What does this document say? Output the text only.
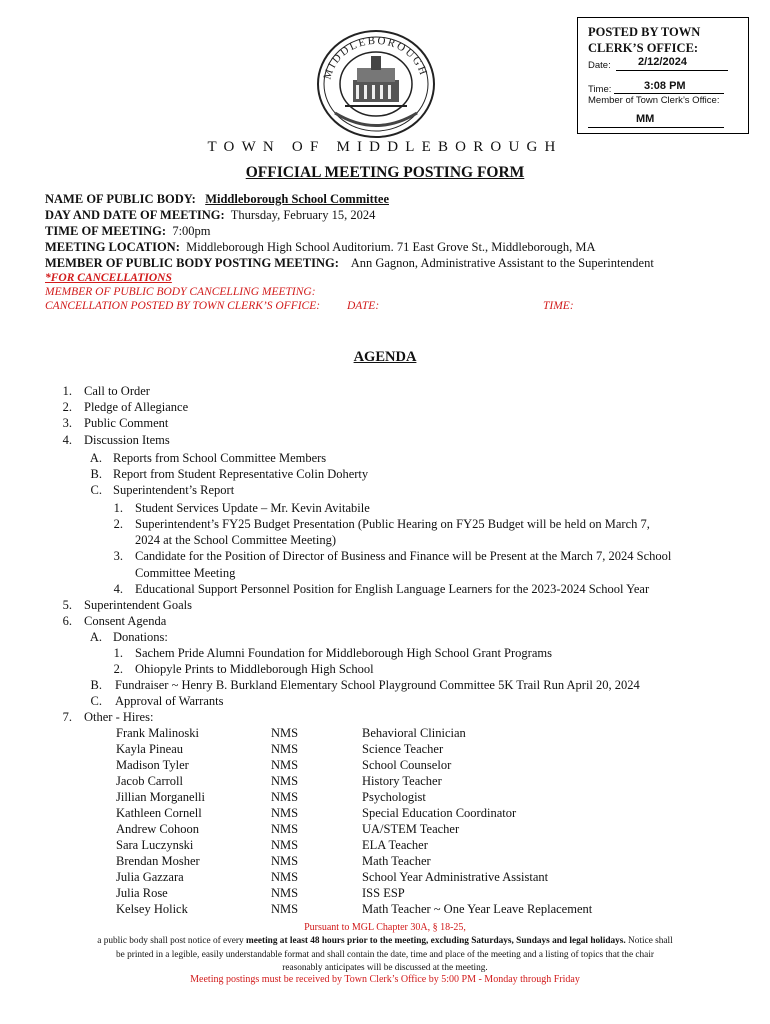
MIDDLEBOROUGH
POSTED BY TOWN
CLERK’S OFFICE:
Date: 2/12/2024
Time:	3:08 PM
Member of Town Clerk’s Office:
MM
TOWN OF MIDDLEBOROUGH
OFFICIAL MEETING POSTING FORM
NAME OF PUBLIC BODY: Middleborough School Committee
DAY AND DATE OF MEETING: Thursday, February 15, 2024
TIME OF MEETING: 7:00pm
MEETING LOCATION: Middleborough High School Auditorium. 71 East Grove St., Middleborough, MA
MEMBER OF PUBLIC BODY POSTING MEETING: Ann Gagnon, Administrative Assistant to the Superintendent
*FOR CANCELLATIONS
MEMBER OF PUBLIC BODY CANCELLING MEETING:
CANCELLATION POSTED BY TOWN CLERK’S OFFICE: DATE:	TIME:
AGENDA
1. Call to Order
2. Pledge of Allegiance
3. Public Comment
4. Discussion Items
A. Reports from School Committee Members
B. Report from Student Representative Colin Doherty
C. Superintendent’s Report
1. Student Services Update – Mr. Kevin Avitabile
2. Superintendent’s FY25 Budget Presentation (Public Hearing on FY25 Budget will be held on March 7,
2024 at the School Committee Meeting)
3. Candidate for the Position of Director of Business and Finance will be Present at the March 7, 2024 School
Committee Meeting
4. Educational Support Personnel Position for English Language Learners for the 2023-2024 School Year
5. Superintendent Goals
6. Consent Agenda
A. Donations:
1. Sachem Pride Alumni Foundation for Middleborough High School Grant Programs
2. Ohiopyle Prints to Middleborough High School
B. Fundraiser ~ Henry B. Burkland Elementary School Playground Committee 5K Trail Run April 20, 2024
C. Approval of Warrants
7. Other - Hires:
Frank Malinoski	NMS	Behavioral Clinician
Kayla Pineau	NMS	Science Teacher
Madison Tyler	NMS	School Counselor
Jacob Carroll	NMS	History Teacher
Jillian Morganelli	NMS	Psychologist
Kathleen Cornell	NMS	Special Education Coordinator
Andrew Cohoon	NMS	UA/STEM Teacher
Sara Luczynski	NMS	ELA Teacher
Brendan Mosher	NMS	Math Teacher
Julia Gazzara	NMS	School Year Administrative Assistant
Julia Rose	NMS	ISS ESP
Kelsey Holick	NMS	Math Teacher ~ One Year Leave Replacement
Pursuant to MGL Chapter 30A, § 18-25,
a public body shall post notice of every meeting at least 48 hours prior to the meeting, excluding Saturdays, Sundays and legal holidays. Notice shall
be printed in a legible, easily understandable format and shall contain the date, time and place of the meeting and a listing of topics that the chair
reasonably anticipates will be discussed at the meeting.
Meeting postings must be received by Town Clerk’s Office by 5:00 PM - Monday through Friday
